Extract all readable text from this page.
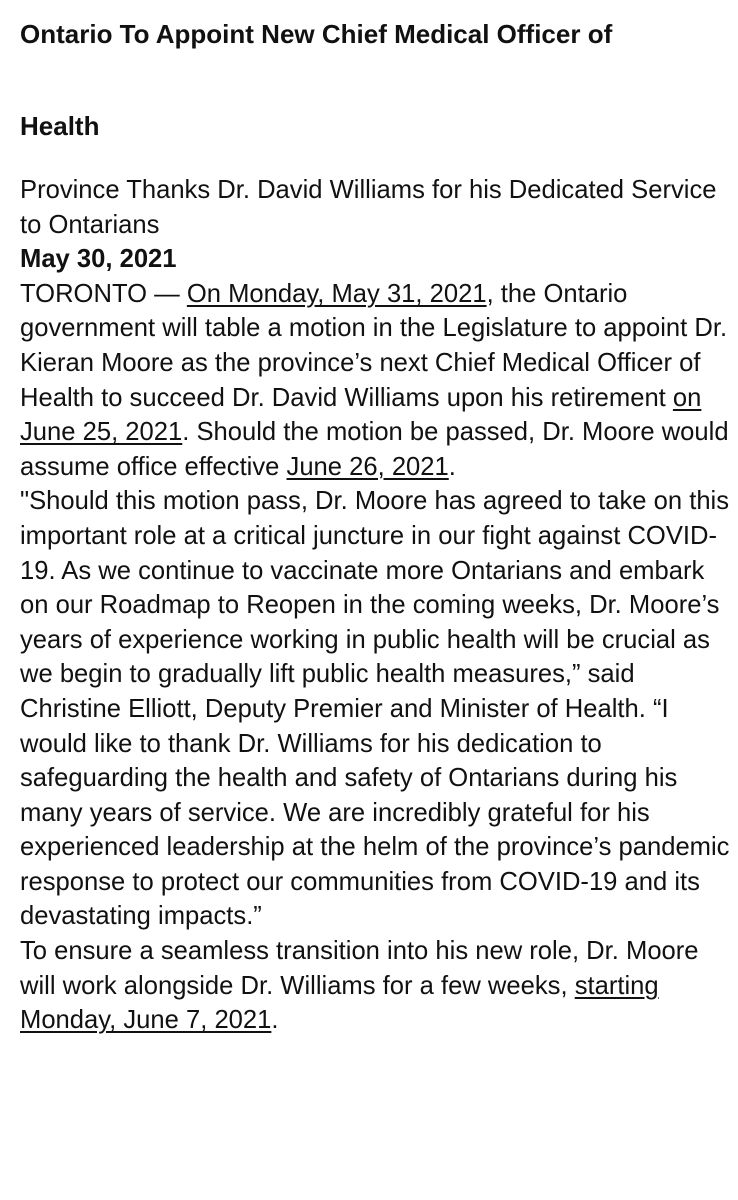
Ontario To Appoint New Chief Medical Officer of
Health

Province Thanks Dr. David Williams for his Dedicated Service to Ontarians

May 30, 2021

TORONTO — On Monday, May 31, 2021, the Ontario government will table a motion in the Legislature to appoint Dr. Kieran Moore as the province’s next Chief Medical Officer of Health to succeed Dr. David Williams upon his retirement on June 25, 2021. Should the motion be passed, Dr. Moore would assume office effective June 26, 2021.

"Should this motion pass, Dr. Moore has agreed to take on this important role at a critical juncture in our fight against COVID-19. As we continue to vaccinate more Ontarians and embark on our Roadmap to Reopen in the coming weeks, Dr. Moore’s years of experience working in public health will be crucial as we begin to gradually lift public health measures,” said Christine Elliott, Deputy Premier and Minister of Health. “I would like to thank Dr. Williams for his dedication to safeguarding the health and safety of Ontarians during his many years of service. We are incredibly grateful for his experienced leadership at the helm of the province’s pandemic response to protect our communities from COVID-19 and its devastating impacts.”

To ensure a seamless transition into his new role, Dr. Moore will work alongside Dr. Williams for a few weeks, starting Monday, June 7, 2021.
